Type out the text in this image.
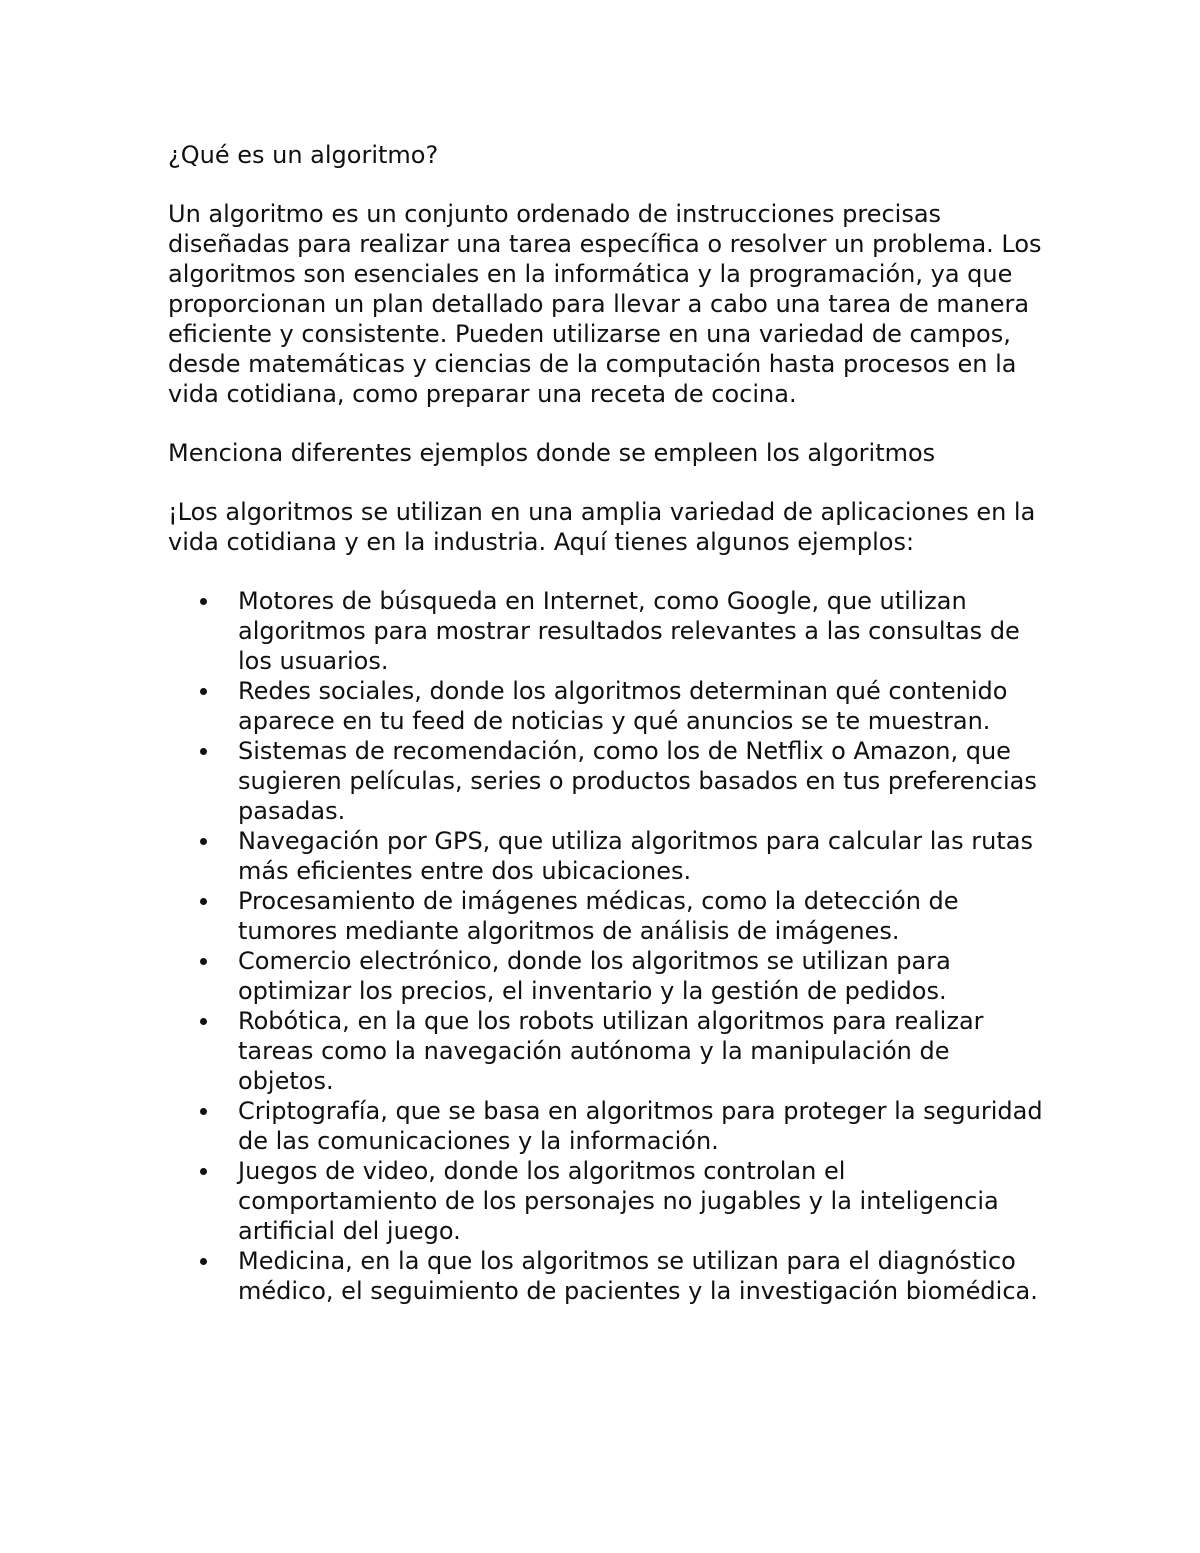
¿Qué es un algoritmo?
Un algoritmo es un conjunto ordenado de instrucciones precisas diseñadas para realizar una tarea específica o resolver un problema. Los algoritmos son esenciales en la informática y la programación, ya que proporcionan un plan detallado para llevar a cabo una tarea de manera eficiente y consistente. Pueden utilizarse en una variedad de campos, desde matemáticas y ciencias de la computación hasta procesos en la vida cotidiana, como preparar una receta de cocina.
Menciona diferentes ejemplos donde se empleen los algoritmos
¡Los algoritmos se utilizan en una amplia variedad de aplicaciones en la vida cotidiana y en la industria. Aquí tienes algunos ejemplos:
Motores de búsqueda en Internet, como Google, que utilizan algoritmos para mostrar resultados relevantes a las consultas de los usuarios.
Redes sociales, donde los algoritmos determinan qué contenido aparece en tu feed de noticias y qué anuncios se te muestran.
Sistemas de recomendación, como los de Netflix o Amazon, que sugieren películas, series o productos basados en tus preferencias pasadas.
Navegación por GPS, que utiliza algoritmos para calcular las rutas más eficientes entre dos ubicaciones.
Procesamiento de imágenes médicas, como la detección de tumores mediante algoritmos de análisis de imágenes.
Comercio electrónico, donde los algoritmos se utilizan para optimizar los precios, el inventario y la gestión de pedidos.
Robótica, en la que los robots utilizan algoritmos para realizar tareas como la navegación autónoma y la manipulación de objetos.
Criptografía, que se basa en algoritmos para proteger la seguridad de las comunicaciones y la información.
Juegos de video, donde los algoritmos controlan el comportamiento de los personajes no jugables y la inteligencia artificial del juego.
Medicina, en la que los algoritmos se utilizan para el diagnóstico médico, el seguimiento de pacientes y la investigación biomédica.
